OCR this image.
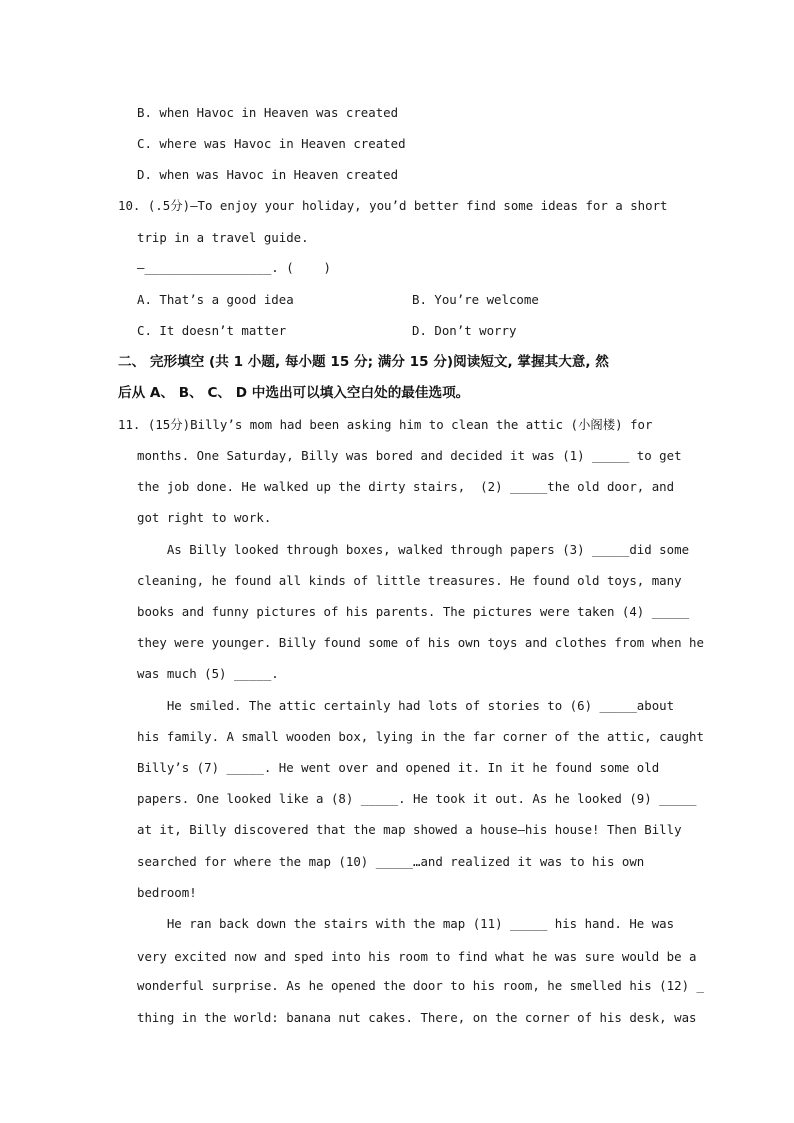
B. when Havoc in Heaven was created
C. where was Havoc in Heaven created
D. when was Havoc in Heaven created
10. (.5分)—To enjoy your holiday, you’d better find some ideas for a short
trip in a travel guide.
—_________________. (    )
A. That’s a good idea	B. You’re welcome
C. It doesn’t matter	D. Don’t worry
二、 完形填空 (共 1 小题, 每小题 15 分; 满分 15 分)阅读短文, 掌握其大意, 然
后从 A、 B、 C、 D 中选出可以填入空白处的最佳选项。
11. (15分)Billy’s mom had been asking him to clean the attic (小阁楼) for
months. One Saturday, Billy was bored and decided it was (1) _____ to get
the job done. He walked up the dirty stairs,  (2) _____the old door, and
got right to work.
As Billy looked through boxes, walked through papers (3) _____did some
cleaning, he found all kinds of little treasures. He found old toys, many
books and funny pictures of his parents. The pictures were taken (4) _____
they were younger. Billy found some of his own toys and clothes from when he
was much (5) _____.
He smiled. The attic certainly had lots of stories to (6) _____about
his family. A small wooden box, lying in the far corner of the attic, caught
Billy’s (7) _____. He went over and opened it. In it he found some old
papers. One looked like a (8) _____. He took it out. As he looked (9) _____
at it, Billy discovered that the map showed a house—his house! Then Billy
searched for where the map (10) _____…and realized it was to his own
bedroom!
He ran back down the stairs with the map (11) _____ his hand. He was
very excited now and sped into his room to find what he was sure would be a
wonderful surprise. As he opened the door to his room, he smelled his (12) _
thing in the world: banana nut cakes. There, on the corner of his desk, was
